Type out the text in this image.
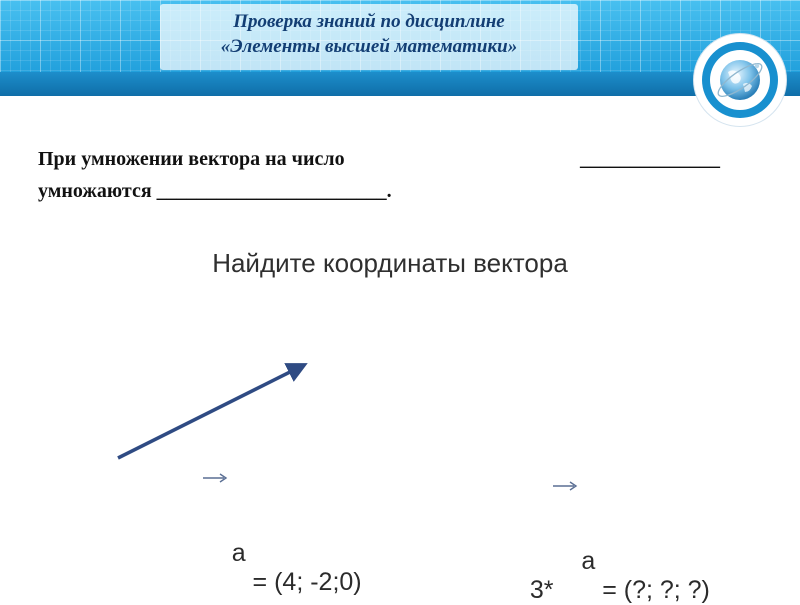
Проверка знаний по дисциплине
«Элементы высшей математики»
При умножении вектора на число	______________
умножаются _______________________.
Найдите координаты вектора

a
= (4; -2;0)	3*

a
= (?; ?; ?)
